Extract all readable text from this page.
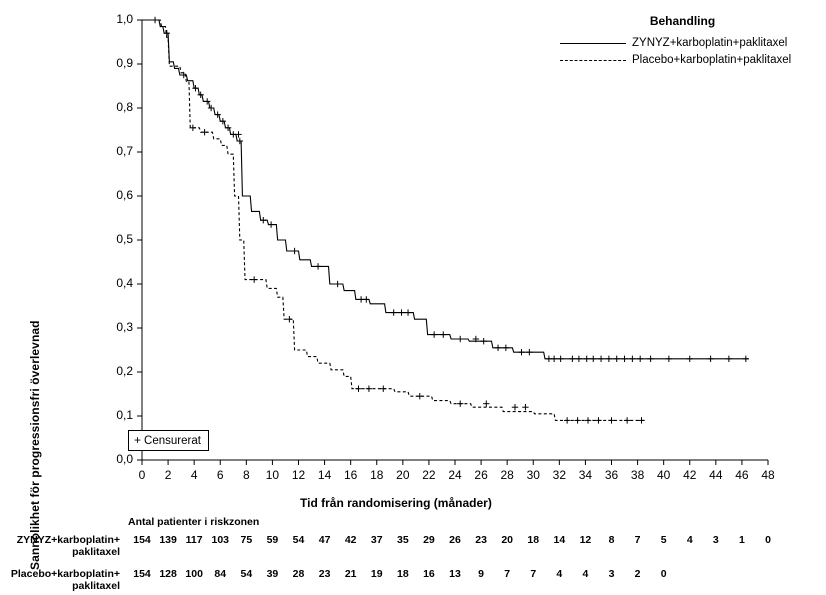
Sannolikhet för progressionsfri överlevnad	0,0
0,1
0,2
0,3
0,4
0,5
0,6
0,7
0,8
0,9
1,0
0	2	4	6	8	10	12	14	16	18	20	22	24	26	28	30	32	34	36	38	40	42	44	46	48
Tid från randomisering (månader)
Behandling
ZYNYZ+karboplatin+paklitaxel
Placebo+karboplatin+paklitaxel
+ Censurerat
Antal patienter i riskzonen
ZYNYZ+karboplatin+
paklitaxel
154 139 117 103	75	59	54	47	42	37	35	29	26	23	20	18	14	12	8	7	5	4	3	1	0
Placebo+karboplatin+
paklitaxel
154 128 100	84	54	39	28	23	21	19	18	16	13	9	7	7	4	4	3	2	0
